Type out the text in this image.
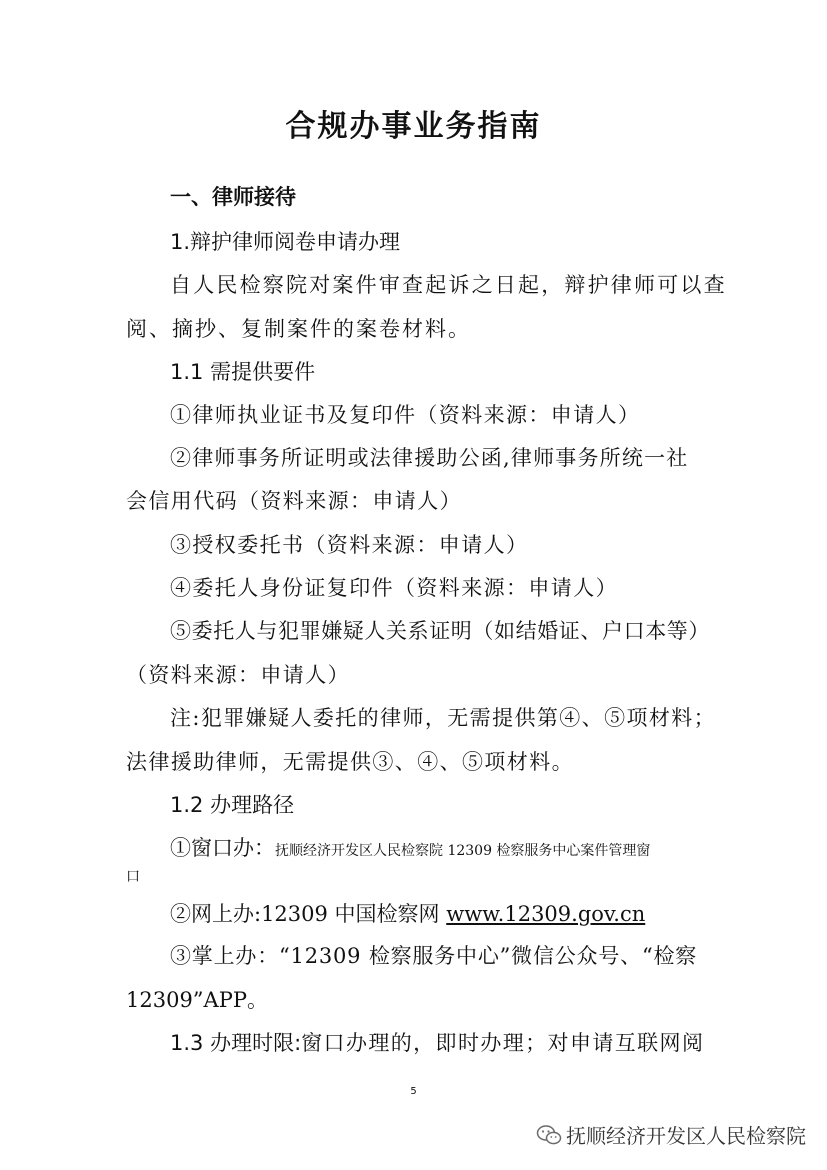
合规办事业务指南
一、律师接待
1.辩护律师阅卷申请办理
自人民检察院对案件审查起诉之日起，辩护律师可以查
阅、摘抄、复制案件的案卷材料。
1.1 需提供要件
①律师执业证书及复印件（资料来源：申请人）
②律师事务所证明或法律援助公函,律师事务所统一社
会信用代码（资料来源：申请人）
③授权委托书（资料来源：申请人）
④委托人身份证复印件（资料来源：申请人）
⑤委托人与犯罪嫌疑人关系证明（如结婚证、户口本等）
（资料来源：申请人）
注:犯罪嫌疑人委托的律师，无需提供第④、⑤项材料；
法律援助律师，无需提供③、④、⑤项材料。
1.2 办理路径
①窗口办：抚顺经济开发区人民检察院 12309 检察服务中心案件管理窗
口
②网上办:12309 中国检察网 www.12309.gov.cn
③掌上办：“12309 检察服务中心”微信公众号、“检察
12309”APP。
1.3 办理时限:窗口办理的，即时办理；对申请互联网阅
5
抚顺经济开发区人民检察院
